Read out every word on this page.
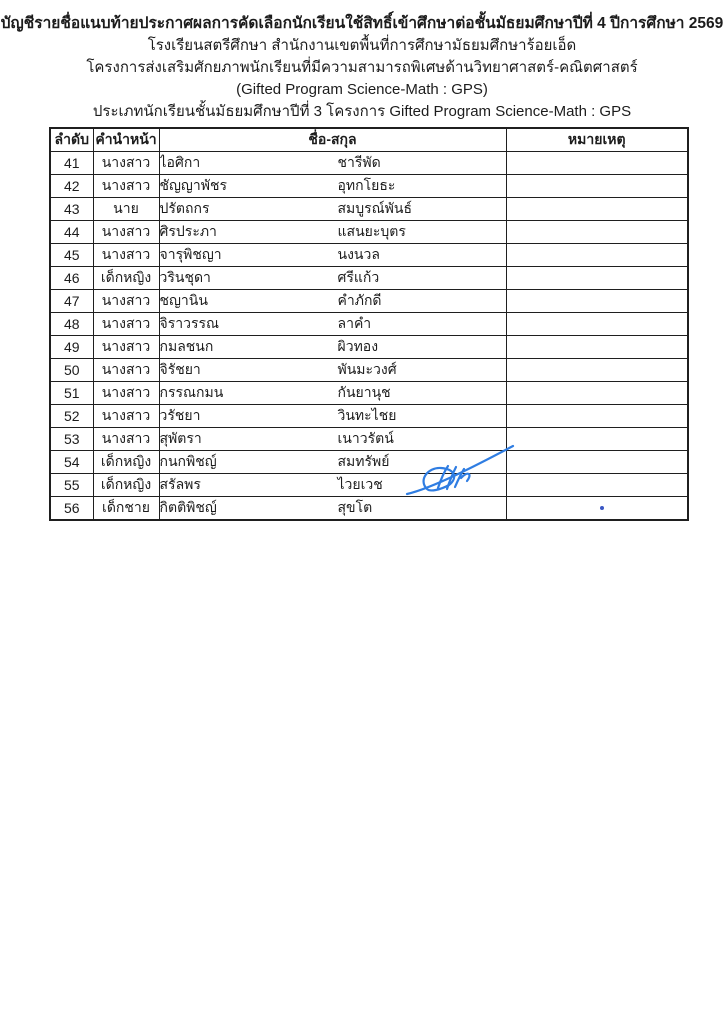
บัญชีรายชื่อแนบท้ายประกาศผลการคัดเลือกนักเรียนใช้สิทธิ์เข้าศึกษาต่อชั้นมัธยมศึกษาปีที่ 4 ปีการศึกษา 2569
โรงเรียนสตรีศึกษา สำนักงานเขตพื้นที่การศึกษามัธยมศึกษาร้อยเอ็ด
โครงการส่งเสริมศักยภาพนักเรียนที่มีความสามารถพิเศษด้านวิทยาศาสตร์-คณิตศาสตร์
(Gifted Program Science-Math : GPS)
ประเภทนักเรียนชั้นมัธยมศึกษาปีที่ 3 โครงการ Gifted Program Science-Math : GPS
ลำดับ	คำนำหน้า	ชื่อ-สกุล	หมายเหตุ
41	นางสาว	ไอศิกา ชารีพัด	
42	นางสาว	ชัญญาพัชร อุทกโยธะ	
43	นาย	ปรัตถกร สมบูรณ์พันธ์	
44	นางสาว	ศิรประภา แสนยะบุตร	
45	นางสาว	จารุพิชญา นงนวล	
46	เด็กหญิง	วรินชุดา ศรีแก้ว	
47	นางสาว	ชญานิน คำภักดี	
48	นางสาว	จิราวรรณ ลาคำ	
49	นางสาว	กมลชนก ผิวทอง	
50	นางสาว	จิรัชยา พันมะวงศ์	
51	นางสาว	กรรณกมน กันยานุช	
52	นางสาว	วรัชยา วินทะไชย	
53	นางสาว	สุพัตรา เนาวรัตน์	
54	เด็กหญิง	กนกพิชญ์ สมทรัพย์	
55	เด็กหญิง	สรัลพร ไวยเวช	
56	เด็กชาย	กิตติพิชญ์ สุขโต	
